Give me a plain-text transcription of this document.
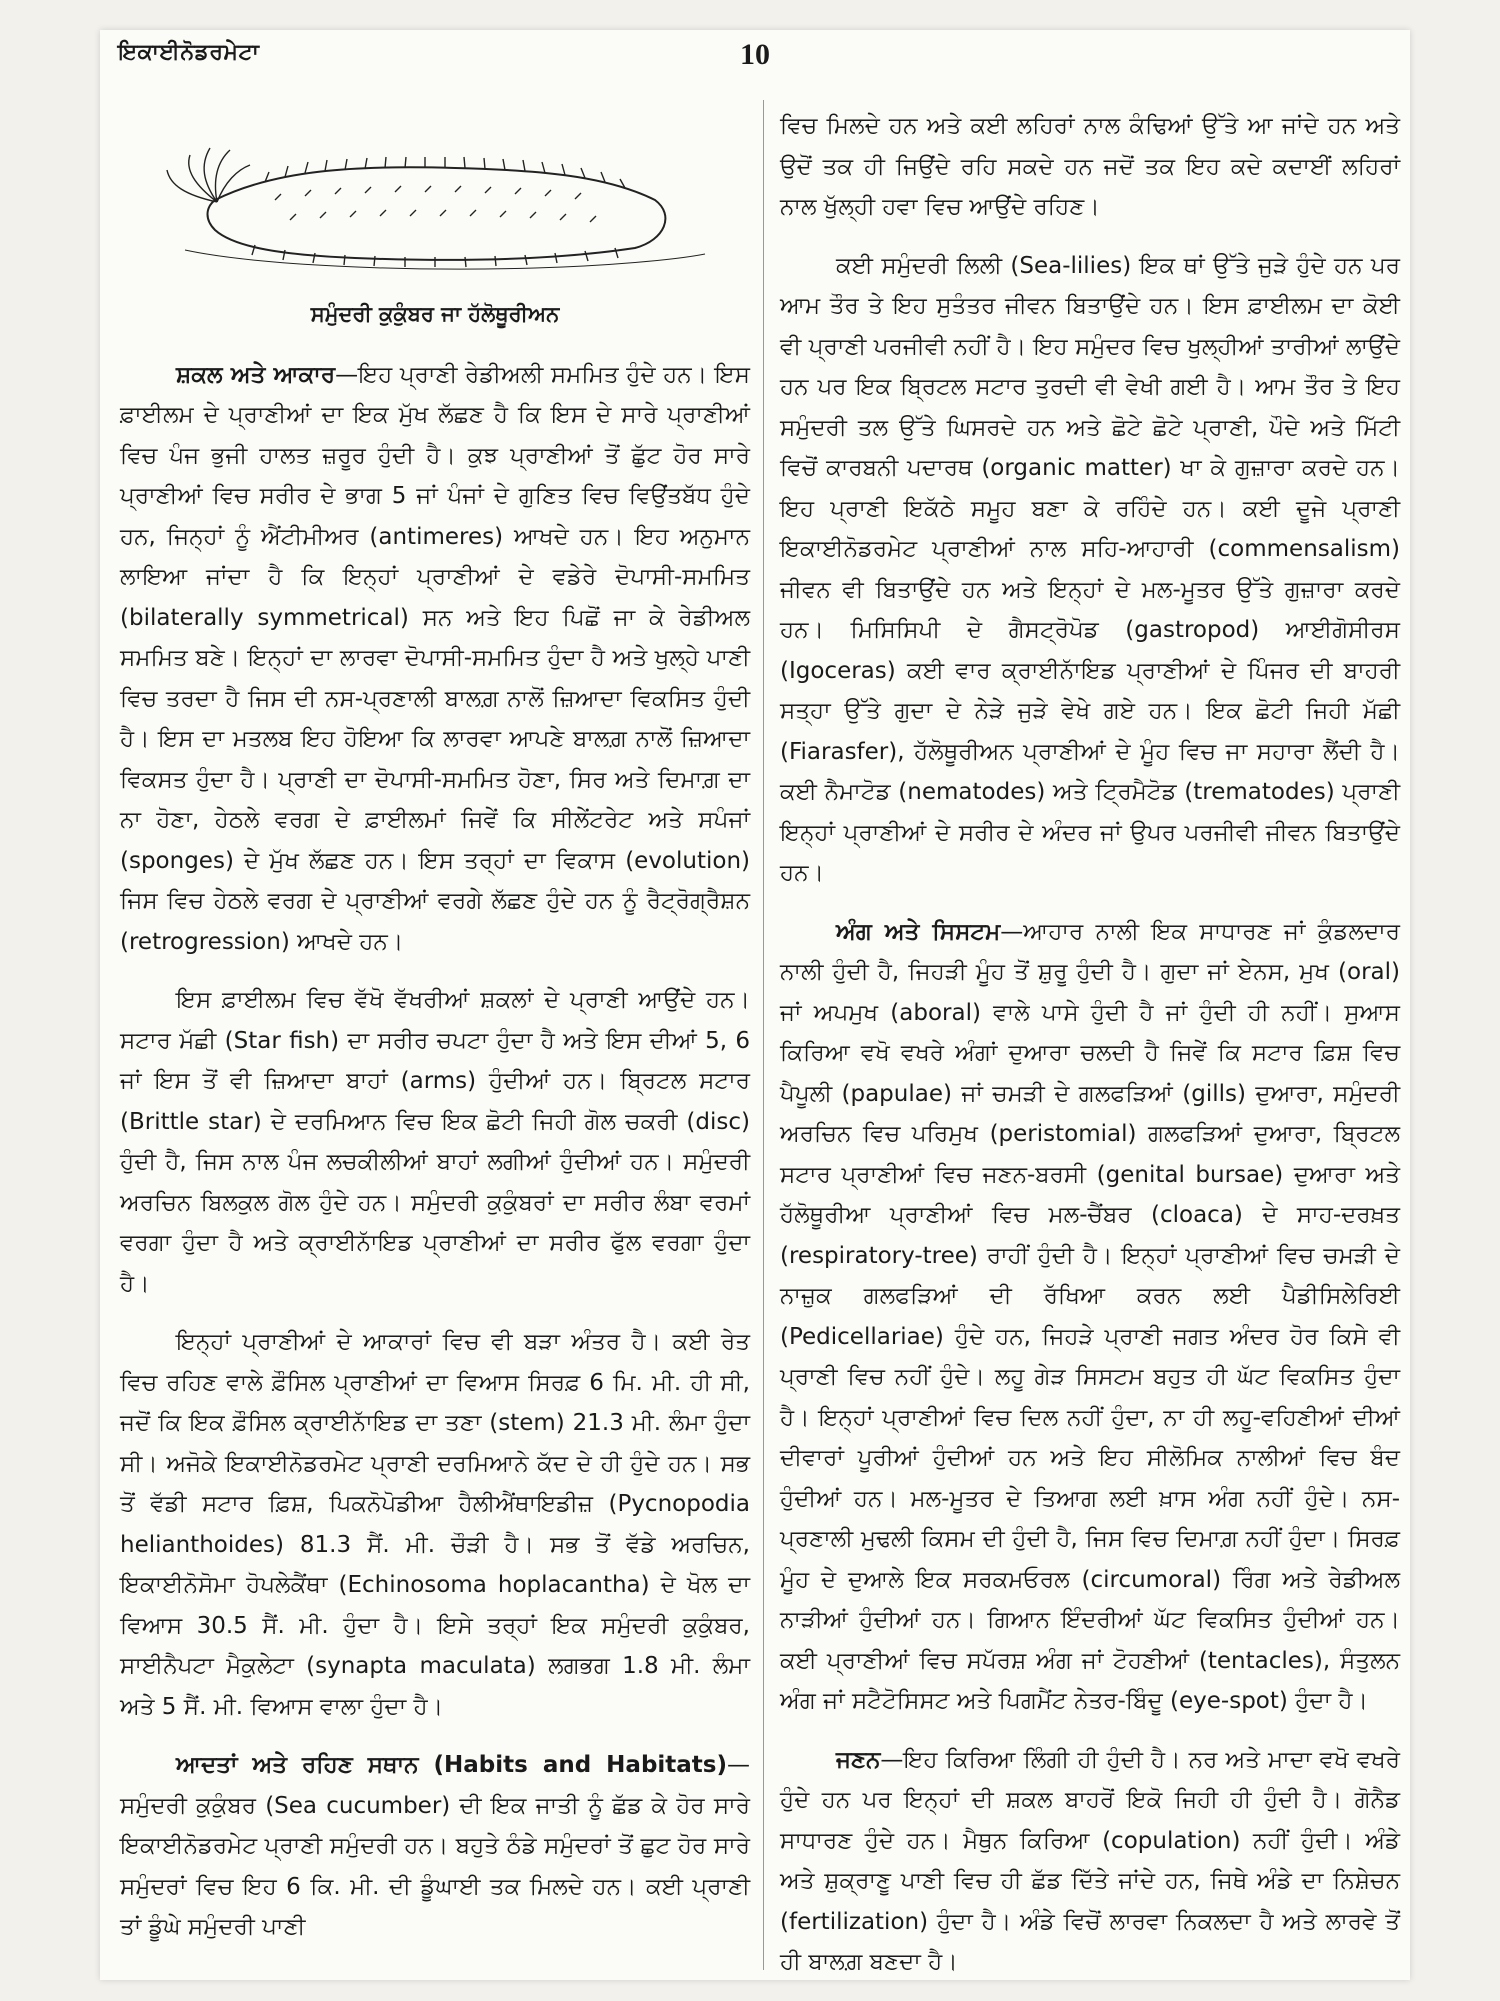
ਇਕਾਈਨੋਡਰਮੇਟਾ	10
ਸਮੁੰਦਰੀ ਕੁਕੁੰਬਰ ਜਾ ਹੱਲੋਥੂਰੀਅਨ

ਸ਼ਕਲ ਅਤੇ ਆਕਾਰ—ਇਹ ਪ੍ਰਾਣੀ ਰੇਡੀਅਲੀ ਸਮਮਿਤ ਹੁੰਦੇ ਹਨ। ਇਸ ਫ਼ਾਈਲਮ ਦੇ ਪ੍ਰਾਣੀਆਂ ਦਾ ਇਕ ਮੁੱਖ ਲੱਛਣ ਹੈ ਕਿ ਇਸ ਦੇ ਸਾਰੇ ਪ੍ਰਾਣੀਆਂ ਵਿਚ ਪੰਜ ਭੁਜੀ ਹਾਲਤ ਜ਼ਰੂਰ ਹੁੰਦੀ ਹੈ। ਕੁਝ ਪ੍ਰਾਣੀਆਂ ਤੋਂ ਛੁੱਟ ਹੋਰ ਸਾਰੇ ਪ੍ਰਾਣੀਆਂ ਵਿਚ ਸਰੀਰ ਦੇ ਭਾਗ 5 ਜਾਂ ਪੰਜਾਂ ਦੇ ਗੁਣਿਤ ਵਿਚ ਵਿਉਂਤਬੱਧ ਹੁੰਦੇ ਹਨ, ਜਿਨ੍ਹਾਂ ਨੂੰ ਐਂਟੀਮੀਅਰ (antimeres) ਆਖਦੇ ਹਨ। ਇਹ ਅਨੁਮਾਨ ਲਾਇਆ ਜਾਂਦਾ ਹੈ ਕਿ ਇਨ੍ਹਾਂ ਪ੍ਰਾਣੀਆਂ ਦੇ ਵਡੇਰੇ ਦੋਪਾਸੀ-ਸਮਮਿਤ (bilaterally symmetrical) ਸਨ ਅਤੇ ਇਹ ਪਿਛੋਂ ਜਾ ਕੇ ਰੇਡੀਅਲ ਸਮਮਿਤ ਬਣੇ। ਇਨ੍ਹਾਂ ਦਾ ਲਾਰਵਾ ਦੋਪਾਸੀ-ਸਮਮਿਤ ਹੁੰਦਾ ਹੈ ਅਤੇ ਖੁਲ੍ਹੇ ਪਾਣੀ ਵਿਚ ਤਰਦਾ ਹੈ ਜਿਸ ਦੀ ਨਸ-ਪ੍ਰਣਾਲੀ ਬਾਲਗ਼ ਨਾਲੋਂ ਜ਼ਿਆਦਾ ਵਿਕਸਿਤ ਹੁੰਦੀ ਹੈ। ਇਸ ਦਾ ਮਤਲਬ ਇਹ ਹੋਇਆ ਕਿ ਲਾਰਵਾ ਆਪਣੇ ਬਾਲਗ਼ ਨਾਲੋਂ ਜ਼ਿਆਦਾ ਵਿਕਸਤ ਹੁੰਦਾ ਹੈ। ਪ੍ਰਾਣੀ ਦਾ ਦੋਪਾਸੀ-ਸਮਮਿਤ ਹੋਣਾ, ਸਿਰ ਅਤੇ ਦਿਮਾਗ਼ ਦਾ ਨਾ ਹੋਣਾ, ਹੇਠਲੇ ਵਰਗ ਦੇ ਫ਼ਾਈਲਮਾਂ ਜਿਵੇਂ ਕਿ ਸੀਲੇਂਟਰੇਟ ਅਤੇ ਸਪੰਜਾਂ (sponges) ਦੇ ਮੁੱਖ ਲੱਛਣ ਹਨ। ਇਸ ਤਰ੍ਹਾਂ ਦਾ ਵਿਕਾਸ (evolution) ਜਿਸ ਵਿਚ ਹੇਠਲੇ ਵਰਗ ਦੇ ਪ੍ਰਾਣੀਆਂ ਵਰਗੇ ਲੱਛਣ ਹੁੰਦੇ ਹਨ ਨੂੰ ਰੈਟ੍ਰੋਗ੍ਰੈਸ਼ਨ (retrogression) ਆਖਦੇ ਹਨ।

ਇਸ ਫ਼ਾਈਲਮ ਵਿਚ ਵੱਖੋ ਵੱਖਰੀਆਂ ਸ਼ਕਲਾਂ ਦੇ ਪ੍ਰਾਣੀ ਆਉਂਦੇ ਹਨ। ਸਟਾਰ ਮੱਛੀ (Star fish) ਦਾ ਸਰੀਰ ਚਪਟਾ ਹੁੰਦਾ ਹੈ ਅਤੇ ਇਸ ਦੀਆਂ 5, 6 ਜਾਂ ਇਸ ਤੋਂ ਵੀ ਜ਼ਿਆਦਾ ਬਾਹਾਂ (arms) ਹੁੰਦੀਆਂ ਹਨ। ਬ੍ਰਿਟਲ ਸਟਾਰ (Brittle star) ਦੇ ਦਰਮਿਆਨ ਵਿਚ ਇਕ ਛੋਟੀ ਜਿਹੀ ਗੋਲ ਚਕਰੀ (disc) ਹੁੰਦੀ ਹੈ, ਜਿਸ ਨਾਲ ਪੰਜ ਲਚਕੀਲੀਆਂ ਬਾਹਾਂ ਲਗੀਆਂ ਹੁੰਦੀਆਂ ਹਨ। ਸਮੁੰਦਰੀ ਅਰਚਿਨ ਬਿਲਕੁਲ ਗੋਲ ਹੁੰਦੇ ਹਨ। ਸਮੁੰਦਰੀ ਕੁਕੁੰਬਰਾਂ ਦਾ ਸਰੀਰ ਲੰਬਾ ਵਰਮਾਂ ਵਰਗਾ ਹੁੰਦਾ ਹੈ ਅਤੇ ਕ੍ਰਾਈਨਾੱਇਡ ਪ੍ਰਾਣੀਆਂ ਦਾ ਸਰੀਰ ਫੁੱਲ ਵਰਗਾ ਹੁੰਦਾ ਹੈ।

ਇਨ੍ਹਾਂ ਪ੍ਰਾਣੀਆਂ ਦੇ ਆਕਾਰਾਂ ਵਿਚ ਵੀ ਬੜਾ ਅੰਤਰ ਹੈ। ਕਈ ਰੇਤ ਵਿਚ ਰਹਿਣ ਵਾਲੇ ਫ਼ੌਸਿਲ ਪ੍ਰਾਣੀਆਂ ਦਾ ਵਿਆਸ ਸਿਰਫ਼ 6 ਮਿ. ਮੀ. ਹੀ ਸੀ, ਜਦੋਂ ਕਿ ਇਕ ਫ਼ੌਸਿਲ ਕ੍ਰਾਈਨਾੱਇਡ ਦਾ ਤਣਾ (stem) 21.3 ਮੀ. ਲੰਮਾ ਹੁੰਦਾ ਸੀ। ਅਜੋਕੇ ਇਕਾਈਨੋਡਰਮੇਟ ਪ੍ਰਾਣੀ ਦਰਮਿਆਨੇ ਕੱਦ ਦੇ ਹੀ ਹੁੰਦੇ ਹਨ। ਸਭ ਤੋਂ ਵੱਡੀ ਸਟਾਰ ਫ਼ਿਸ਼, ਪਿਕਨੋਪੋਡੀਆ ਹੈਲੀਐਂਥਾਇਡੀਜ਼ (Pycnopodia helianthoides) 81.3 ਸੈਂ. ਮੀ. ਚੌੜੀ ਹੈ। ਸਭ ਤੋਂ ਵੱਡੇ ਅਰਚਿਨ, ਇਕਾਈਨੋਸੋਮਾ ਹੋਪਲੇਕੈਂਥਾ (Echinosoma hoplacantha) ਦੇ ਖੋਲ ਦਾ ਵਿਆਸ 30.5 ਸੈਂ. ਮੀ. ਹੁੰਦਾ ਹੈ। ਇਸੇ ਤਰ੍ਹਾਂ ਇਕ ਸਮੁੰਦਰੀ ਕੁਕੁੰਬਰ, ਸਾਈਨੈਪਟਾ ਮੈਕੁਲੇਟਾ (synapta maculata) ਲਗਭਗ 1.8 ਮੀ. ਲੰਮਾ ਅਤੇ 5 ਸੈਂ. ਮੀ. ਵਿਆਸ ਵਾਲਾ ਹੁੰਦਾ ਹੈ।

ਆਦਤਾਂ ਅਤੇ ਰਹਿਣ ਸਥਾਨ (Habits and Habitats)—ਸਮੁੰਦਰੀ ਕੁਕੁੰਬਰ (Sea cucumber) ਦੀ ਇਕ ਜਾਤੀ ਨੂੰ ਛੱਡ ਕੇ ਹੋਰ ਸਾਰੇ ਇਕਾਈਨੋਡਰਮੇਟ ਪ੍ਰਾਣੀ ਸਮੁੰਦਰੀ ਹਨ। ਬਹੁਤੇ ਠੰਡੇ ਸਮੁੰਦਰਾਂ ਤੋਂ ਛੁਟ ਹੋਰ ਸਾਰੇ ਸਮੁੰਦਰਾਂ ਵਿਚ ਇਹ 6 ਕਿ. ਮੀ. ਦੀ ਡੂੰਘਾਈ ਤਕ ਮਿਲਦੇ ਹਨ। ਕਈ ਪ੍ਰਾਣੀ ਤਾਂ ਡੂੰਘੇ ਸਮੁੰਦਰੀ ਪਾਣੀ

ਵਿਚ ਮਿਲਦੇ ਹਨ ਅਤੇ ਕਈ ਲਹਿਰਾਂ ਨਾਲ ਕੰਢਿਆਂ ਉੱਤੇ ਆ ਜਾਂਦੇ ਹਨ ਅਤੇ ਉਦੋਂ ਤਕ ਹੀ ਜਿਉਂਦੇ ਰਹਿ ਸਕਦੇ ਹਨ ਜਦੋਂ ਤਕ ਇਹ ਕਦੇ ਕਦਾਈਂ ਲਹਿਰਾਂ ਨਾਲ ਖੁੱਲ੍ਹੀ ਹਵਾ ਵਿਚ ਆਉਂਦੇ ਰਹਿਣ।

ਕਈ ਸਮੁੰਦਰੀ ਲਿਲੀ (Sea-lilies) ਇਕ ਥਾਂ ਉੱਤੇ ਜੁੜੇ ਹੁੰਦੇ ਹਨ ਪਰ ਆਮ ਤੌਰ ਤੇ ਇਹ ਸੁਤੰਤਰ ਜੀਵਨ ਬਿਤਾਉਂਦੇ ਹਨ। ਇਸ ਫ਼ਾਈਲਮ ਦਾ ਕੋਈ ਵੀ ਪ੍ਰਾਣੀ ਪਰਜੀਵੀ ਨਹੀਂ ਹੈ। ਇਹ ਸਮੁੰਦਰ ਵਿਚ ਖੁਲ੍ਹੀਆਂ ਤਾਰੀਆਂ ਲਾਉਂਦੇ ਹਨ ਪਰ ਇਕ ਬ੍ਰਿਟਲ ਸਟਾਰ ਤੁਰਦੀ ਵੀ ਵੇਖੀ ਗਈ ਹੈ। ਆਮ ਤੌਰ ਤੇ ਇਹ ਸਮੁੰਦਰੀ ਤਲ ਉੱਤੇ ਘਿਸਰਦੇ ਹਨ ਅਤੇ ਛੋਟੇ ਛੋਟੇ ਪ੍ਰਾਣੀ, ਪੌਦੇ ਅਤੇ ਮਿੱਟੀ ਵਿਚੋਂ ਕਾਰਬਨੀ ਪਦਾਰਥ (organic matter) ਖਾ ਕੇ ਗੁਜ਼ਾਰਾ ਕਰਦੇ ਹਨ। ਇਹ ਪ੍ਰਾਣੀ ਇਕੱਠੇ ਸਮੂਹ ਬਣਾ ਕੇ ਰਹਿੰਦੇ ਹਨ। ਕਈ ਦੂਜੇ ਪ੍ਰਾਣੀ ਇਕਾਈਨੋਡਰਮੇਟ ਪ੍ਰਾਣੀਆਂ ਨਾਲ ਸਹਿ-ਆਹਾਰੀ (commensalism) ਜੀਵਨ ਵੀ ਬਿਤਾਉਂਦੇ ਹਨ ਅਤੇ ਇਨ੍ਹਾਂ ਦੇ ਮਲ-ਮੂਤਰ ਉੱਤੇ ਗੁਜ਼ਾਰਾ ਕਰਦੇ ਹਨ। ਮਿਸਿਸਿਪੀ ਦੇ ਗੈਸਟ੍ਰੋਪੋਡ (gastropod) ਆਈਗੋਸੀਰਸ (Igoceras) ਕਈ ਵਾਰ ਕ੍ਰਾਈਨਾੱਇਡ ਪ੍ਰਾਣੀਆਂ ਦੇ ਪਿੰਜਰ ਦੀ ਬਾਹਰੀ ਸਤ੍ਹਾ ਉੱਤੇ ਗੁਦਾ ਦੇ ਨੇੜੇ ਜੁੜੇ ਵੇਖੇ ਗਏ ਹਨ। ਇਕ ਛੋਟੀ ਜਿਹੀ ਮੱਛੀ (Fiarasfer), ਹੱਲੋਥੂਰੀਅਨ ਪ੍ਰਾਣੀਆਂ ਦੇ ਮੂੰਹ ਵਿਚ ਜਾ ਸਹਾਰਾ ਲੈਂਦੀ ਹੈ। ਕਈ ਨੈਮਾਟੋਡ (nematodes) ਅਤੇ ਟ੍ਰਿਮੈਟੋਡ (trematodes) ਪ੍ਰਾਣੀ ਇਨ੍ਹਾਂ ਪ੍ਰਾਣੀਆਂ ਦੇ ਸਰੀਰ ਦੇ ਅੰਦਰ ਜਾਂ ਉਪਰ ਪਰਜੀਵੀ ਜੀਵਨ ਬਿਤਾਉਂਦੇ ਹਨ।

ਅੰਗ ਅਤੇ ਸਿਸਟਮ—ਆਹਾਰ ਨਾਲੀ ਇਕ ਸਾਧਾਰਣ ਜਾਂ ਕੁੰਡਲਦਾਰ ਨਾਲੀ ਹੁੰਦੀ ਹੈ, ਜਿਹੜੀ ਮੂੰਹ ਤੋਂ ਸ਼ੁਰੂ ਹੁੰਦੀ ਹੈ। ਗੁਦਾ ਜਾਂ ਏਨਸ, ਮੁਖ (oral) ਜਾਂ ਅਪਮੁਖ (aboral) ਵਾਲੇ ਪਾਸੇ ਹੁੰਦੀ ਹੈ ਜਾਂ ਹੁੰਦੀ ਹੀ ਨਹੀਂ। ਸੁਆਸ ਕਿਰਿਆ ਵਖੋ ਵਖਰੇ ਅੰਗਾਂ ਦੁਆਰਾ ਚਲਦੀ ਹੈ ਜਿਵੇਂ ਕਿ ਸਟਾਰ ਫ਼ਿਸ਼ ਵਿਚ ਪੈਪੂਲੀ (papulae) ਜਾਂ ਚਮੜੀ ਦੇ ਗਲਫੜਿਆਂ (gills) ਦੁਆਰਾ, ਸਮੁੰਦਰੀ ਅਰਚਿਨ ਵਿਚ ਪਰਿਮੁਖ (peristomial) ਗਲਫੜਿਆਂ ਦੁਆਰਾ, ਬ੍ਰਿਟਲ ਸਟਾਰ ਪ੍ਰਾਣੀਆਂ ਵਿਚ ਜਣਨ-ਬਰਸੀ (genital bursae) ਦੁਆਰਾ ਅਤੇ ਹੱਲੋਥੂਰੀਆ ਪ੍ਰਾਣੀਆਂ ਵਿਚ ਮਲ-ਚੈਂਬਰ (cloaca) ਦੇ ਸਾਹ-ਦਰਖ਼ਤ (respiratory-tree) ਰਾਹੀਂ ਹੁੰਦੀ ਹੈ। ਇਨ੍ਹਾਂ ਪ੍ਰਾਣੀਆਂ ਵਿਚ ਚਮੜੀ ਦੇ ਨਾਜ਼ੁਕ ਗਲਫੜਿਆਂ ਦੀ ਰੱਖਿਆ ਕਰਨ ਲਈ ਪੈਡੀਸਿਲੇਰਿਈ (Pedicellariae) ਹੁੰਦੇ ਹਨ, ਜਿਹੜੇ ਪ੍ਰਾਣੀ ਜਗਤ ਅੰਦਰ ਹੋਰ ਕਿਸੇ ਵੀ ਪ੍ਰਾਣੀ ਵਿਚ ਨਹੀਂ ਹੁੰਦੇ। ਲਹੂ ਗੇੜ ਸਿਸਟਮ ਬਹੁਤ ਹੀ ਘੱਟ ਵਿਕਸਿਤ ਹੁੰਦਾ ਹੈ। ਇਨ੍ਹਾਂ ਪ੍ਰਾਣੀਆਂ ਵਿਚ ਦਿਲ ਨਹੀਂ ਹੁੰਦਾ, ਨਾ ਹੀ ਲਹੂ-ਵਹਿਣੀਆਂ ਦੀਆਂ ਦੀਵਾਰਾਂ ਪੂਰੀਆਂ ਹੁੰਦੀਆਂ ਹਨ ਅਤੇ ਇਹ ਸੀਲੋਮਿਕ ਨਾਲੀਆਂ ਵਿਚ ਬੰਦ ਹੁੰਦੀਆਂ ਹਨ। ਮਲ-ਮੂਤਰ ਦੇ ਤਿਆਗ ਲਈ ਖ਼ਾਸ ਅੰਗ ਨਹੀਂ ਹੁੰਦੇ। ਨਸ-ਪ੍ਰਣਾਲੀ ਮੁਢਲੀ ਕਿਸਮ ਦੀ ਹੁੰਦੀ ਹੈ, ਜਿਸ ਵਿਚ ਦਿਮਾਗ਼ ਨਹੀਂ ਹੁੰਦਾ। ਸਿਰਫ਼ ਮੂੰਹ ਦੇ ਦੁਆਲੇ ਇਕ ਸਰਕਮਓਰਲ (circumoral) ਰਿੰਗ ਅਤੇ ਰੇਡੀਅਲ ਨਾੜੀਆਂ ਹੁੰਦੀਆਂ ਹਨ। ਗਿਆਨ ਇੰਦਰੀਆਂ ਘੱਟ ਵਿਕਸਿਤ ਹੁੰਦੀਆਂ ਹਨ। ਕਈ ਪ੍ਰਾਣੀਆਂ ਵਿਚ ਸਪੱਰਸ਼ ਅੰਗ ਜਾਂ ਟੋਹਣੀਆਂ (tentacles), ਸੰਤੁਲਨ ਅੰਗ ਜਾਂ ਸਟੈਟੋਸਿਸਟ ਅਤੇ ਪਿਗਮੈਂਟ ਨੇਤਰ-ਬਿੰਦੂ (eye-spot) ਹੁੰਦਾ ਹੈ।

ਜਣਨ—ਇਹ ਕਿਰਿਆ ਲਿੰਗੀ ਹੀ ਹੁੰਦੀ ਹੈ। ਨਰ ਅਤੇ ਮਾਦਾ ਵਖੋ ਵਖਰੇ ਹੁੰਦੇ ਹਨ ਪਰ ਇਨ੍ਹਾਂ ਦੀ ਸ਼ਕਲ ਬਾਹਰੋਂ ਇਕੋ ਜਿਹੀ ਹੀ ਹੁੰਦੀ ਹੈ। ਗੋਨੈਡ ਸਾਧਾਰਣ ਹੁੰਦੇ ਹਨ। ਮੈਥੁਨ ਕਿਰਿਆ (copulation) ਨਹੀਂ ਹੁੰਦੀ। ਅੰਡੇ ਅਤੇ ਸ਼ੁਕ੍ਰਾਣੂ ਪਾਣੀ ਵਿਚ ਹੀ ਛੱਡ ਦਿੱਤੇ ਜਾਂਦੇ ਹਨ, ਜਿਥੇ ਅੰਡੇ ਦਾ ਨਿਸ਼ੇਚਨ (fertilization) ਹੁੰਦਾ ਹੈ। ਅੰਡੇ ਵਿਚੋਂ ਲਾਰਵਾ ਨਿਕਲਦਾ ਹੈ ਅਤੇ ਲਾਰਵੇ ਤੋਂ ਹੀ ਬਾਲਗ਼ ਬਣਦਾ ਹੈ।
